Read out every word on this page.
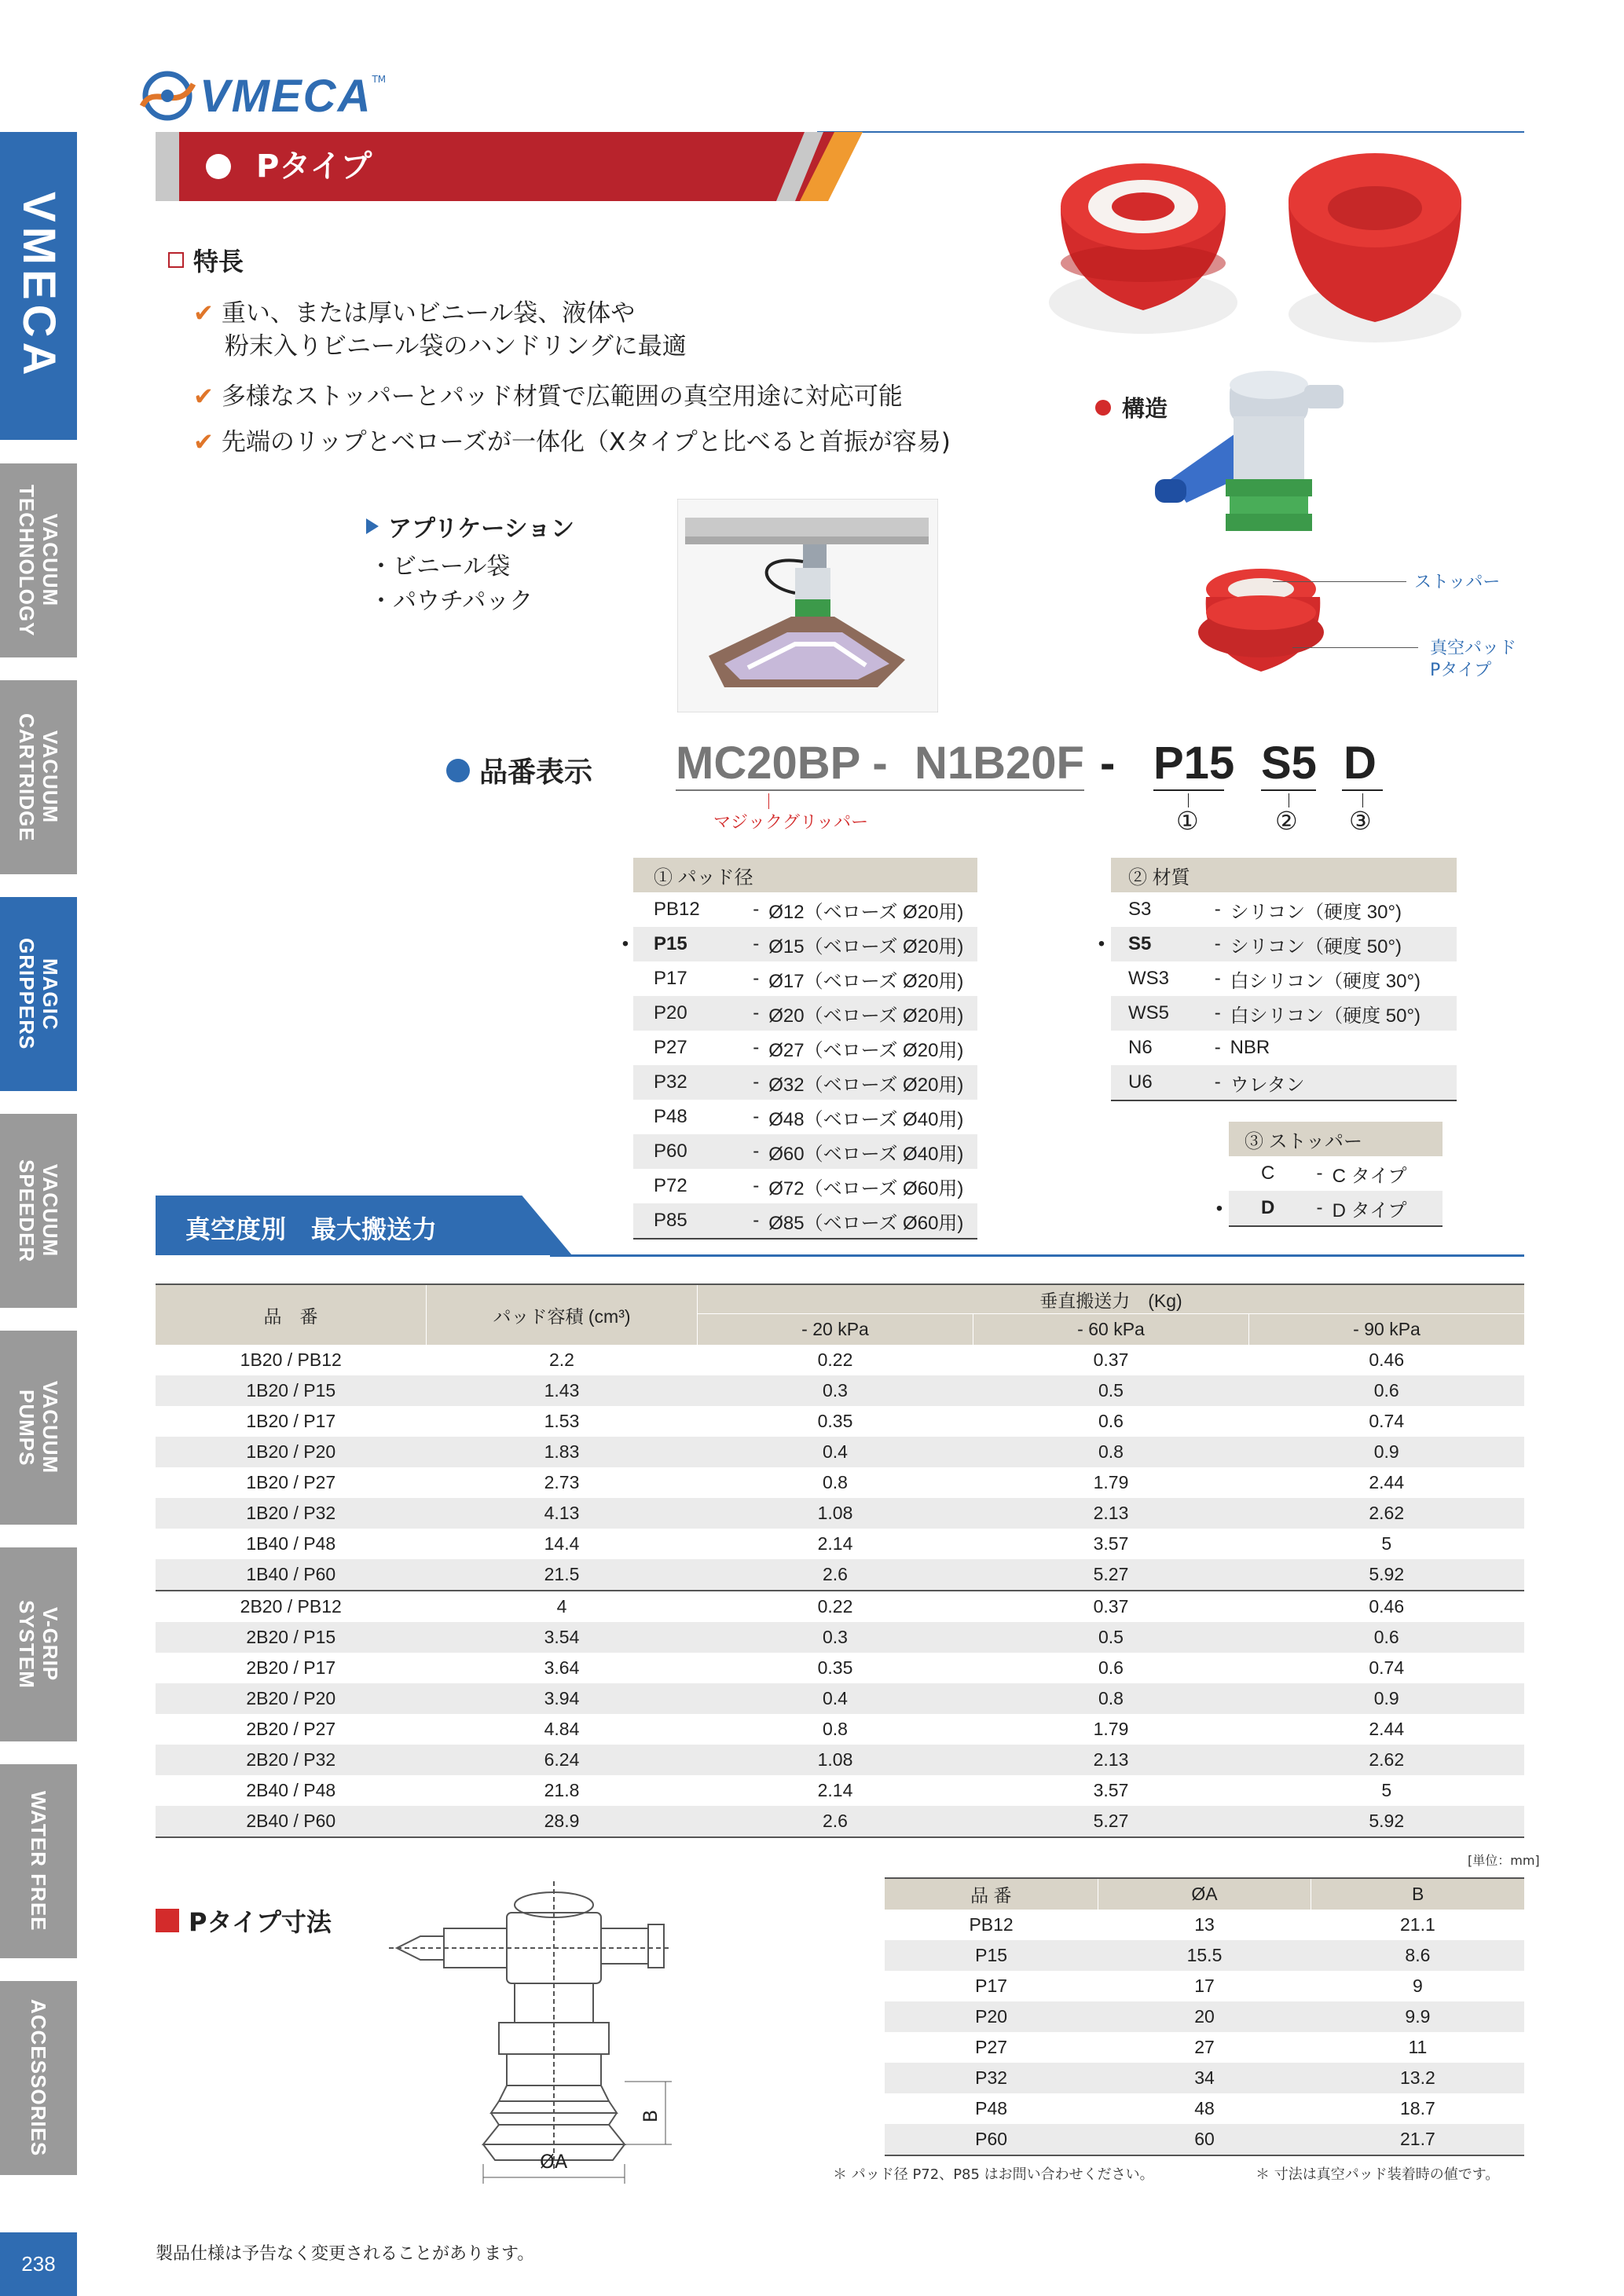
VMECA
VACUUM
TECHNOLOGY
VACUUM
CARTRIDGE
MAGIC
GRIPPERS
VACUUM
SPEEDER
VACUUM
PUMPS
V-GRIP
SYSTEM
WATER FREE
ACCESSORIES
238
VMECA TM
Pタイプ
特長
✔ 重い、または厚いビニール袋、液体や
粉末入りビニール袋のハンドリングに最適
✔ 多様なストッパーとパッド材質で広範囲の真空用途に対応可能
✔ 先端のリップとベローズが一体化（Xタイプと比べると首振が容易)
構造
ストッパー
真空パッド
Pタイプ
アプリケーション
・ビニール袋
・パウチパック
品番表示 MC20BP - N1B20F - P15 S5 D
マジックグリッパー	①	② ③
	① パッド径		
	PB12	-	Ø12（ベローズ Ø20用)
•	P15	-	Ø15（ベローズ Ø20用)
	P17	-	Ø17（ベローズ Ø20用)
	P20	-	Ø20（ベローズ Ø20用)
	P27	-	Ø27（ベローズ Ø20用)
	P32	-	Ø32（ベローズ Ø20用)
	P48	-	Ø48（ベローズ Ø40用)
	P60	-	Ø60（ベローズ Ø40用)
	P72	-	Ø72（ベローズ Ø60用)
	P85	-	Ø85（ベローズ Ø60用)
	② 材質		
	S3	-	シリコン（硬度 30°)
•	S5	-	シリコン（硬度 50°)
	WS3	-	白シリコン（硬度 30°)
	WS5	-	白シリコン（硬度 50°)
	N6	-	NBR
	U6	-	ウレタン
	③ ストッパー		
	C	-	C タイプ
•	D	-	D タイプ
真空度別　最大搬送力
品　番	パッド容積 (cm³)	垂直搬送力　(Kg)		
		- 20 kPa	- 60 kPa	- 90 kPa
1B20 / PB12	2.2	0.22	0.37	0.46
1B20 / P15	1.43	0.3	0.5	0.6
1B20 / P17	1.53	0.35	0.6	0.74
1B20 / P20	1.83	0.4	0.8	0.9
1B20 / P27	2.73	0.8	1.79	2.44
1B20 / P32	4.13	1.08	2.13	2.62
1B40 / P48	14.4	2.14	3.57	5
1B40 / P60	21.5	2.6	5.27	5.92
2B20 / PB12	4	0.22	0.37	0.46
2B20 / P15	3.54	0.3	0.5	0.6
2B20 / P17	3.64	0.35	0.6	0.74
2B20 / P20	3.94	0.4	0.8	0.9
2B20 / P27	4.84	0.8	1.79	2.44
2B20 / P32	6.24	1.08	2.13	2.62
2B40 / P48	21.8	2.14	3.57	5
2B40 / P60	28.9	2.6	5.27	5.92
[単位：mm]
Pタイプ寸法
ØA
B
品 番	ØA	B
PB12	13	21.1
P15	15.5	8.6
P17	17	9
P20	20	9.9
P27	27	11
P32	34	13.2
P48	48	18.7
P60	60	21.7
＊ パッド径 P72、P85 はお問い合わせください。	＊ 寸法は真空パッド装着時の値です。
製品仕様は予告なく変更されることがあります。
